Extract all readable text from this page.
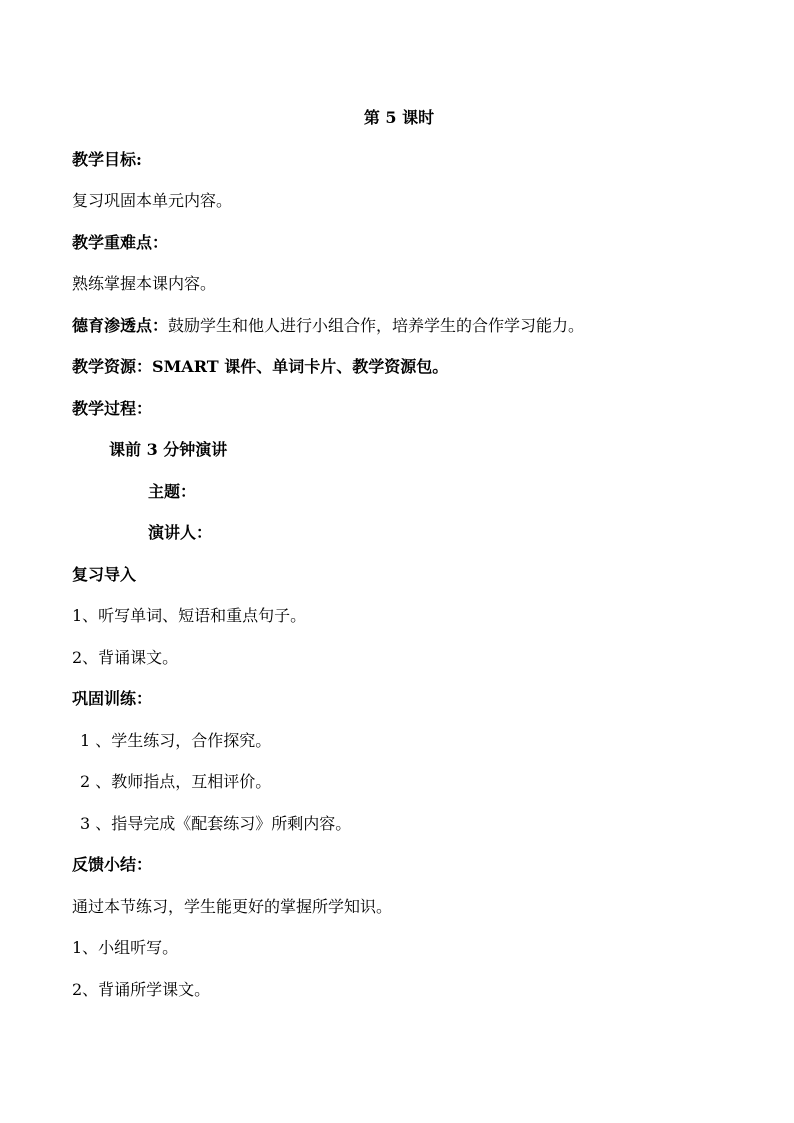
第 5 课时
教学目标:
复习巩固本单元内容。
教学重难点：
熟练掌握本课内容。
德育渗透点：鼓励学生和他人进行小组合作，培养学生的合作学习能力。
教学资源：SMART 课件、单词卡片、教学资源包。
教学过程：
课前 3 分钟演讲
主题：
演讲人：
复习导入
1、听写单词、短语和重点句子。
2、背诵课文。
巩固训练：
1 、学生练习，合作探究。
2 、教师指点，互相评价。
3 、指导完成《配套练习》所剩内容。
反馈小结：
通过本节练习，学生能更好的掌握所学知识。
1、小组听写。
2、背诵所学课文。
